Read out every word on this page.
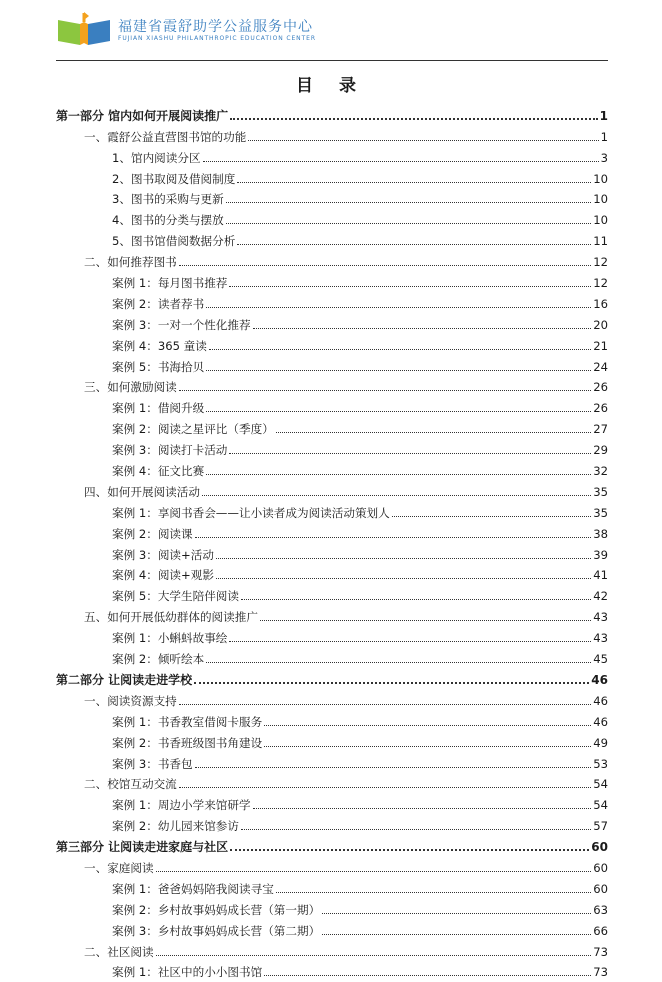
福建省霞舒助学公益服务中心
FUJIAN XIASHU PHILANTHROPIC EDUCATION CENTER
目 录
第一部分 馆内如何开展阅读推广	1
一、霞舒公益直营图书馆的功能	1
1、馆内阅读分区	3
2、图书取阅及借阅制度	10
3、图书的采购与更新	10
4、图书的分类与摆放	10
5、图书馆借阅数据分析	11
二、如何推荐图书	12
案例 1：每月图书推荐	12
案例 2：读者荐书	16
案例 3：一对一个性化推荐	20
案例 4：365 童读	21
案例 5：书海拾贝	24
三、如何激励阅读	26
案例 1：借阅升级	26
案例 2：阅读之星评比（季度）	27
案例 3：阅读打卡活动	29
案例 4：征文比赛	32
四、如何开展阅读活动	35
案例 1：享阅书香会——让小读者成为阅读活动策划人	35
案例 2：阅读课	38
案例 3：阅读+活动	39
案例 4：阅读+观影	41
案例 5：大学生陪伴阅读	42
五、如何开展低幼群体的阅读推广	43
案例 1：小蝌蚪故事绘	43
案例 2：倾听绘本	45
第二部分 让阅读走进学校	46
一、阅读资源支持	46
案例 1：书香教室借阅卡服务	46
案例 2：书香班级图书角建设	49
案例 3：书香包	53
二、校馆互动交流	54
案例 1：周边小学来馆研学	54
案例 2：幼儿园来馆参访	57
第三部分 让阅读走进家庭与社区	60
一、家庭阅读	60
案例 1：爸爸妈妈陪我阅读寻宝	60
案例 2：乡村故事妈妈成长营（第一期）	63
案例 3：乡村故事妈妈成长营（第二期）	66
二、社区阅读	73
案例 1：社区中的小小图书馆	73
